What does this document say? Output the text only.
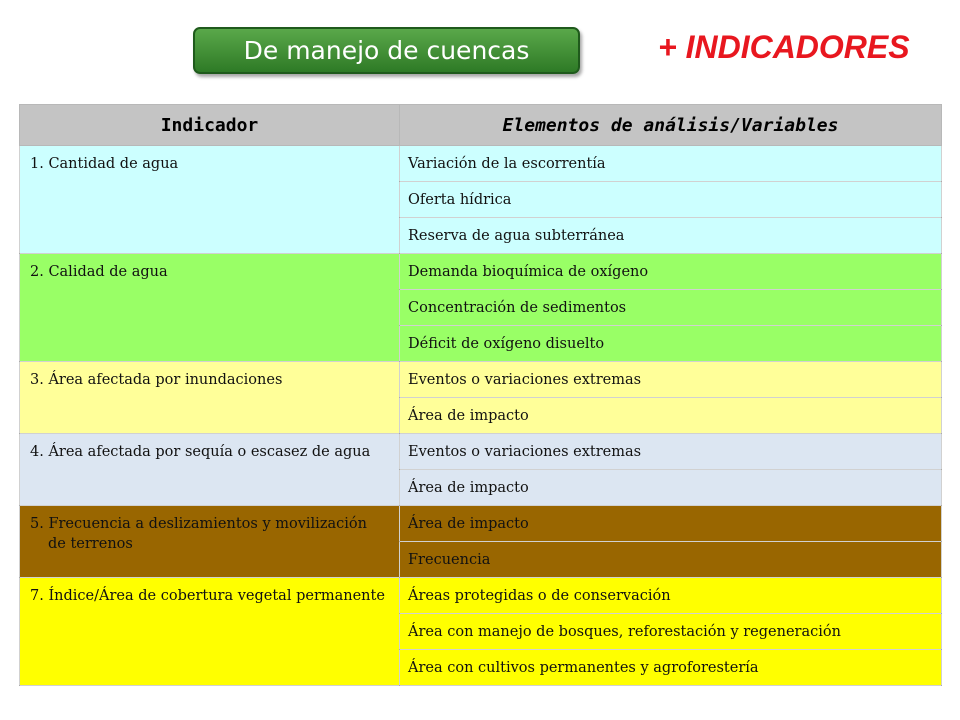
De manejo de cuencas	+ INDICADORES
Indicador	Elementos de análisis/Variables

1. Cantidad de agua	Variación de la escorrentía
	Oferta hídrica
	Reserva de agua subterránea

2. Calidad de agua	Demanda bioquímica de oxígeno
	Concentración de sedimentos
	Déficit de oxígeno disuelto

3. Área afectada por inundaciones	Eventos o variaciones extremas
	Área de impacto

4. Área afectada por sequía o escasez de agua	Eventos o variaciones extremas
	Área de impacto

5. Frecuencia a deslizamientos y movilización de terrenos	Área de impacto
	Frecuencia

7. Índice/Área de cobertura vegetal permanente	Áreas protegidas o de conservación
	Área con manejo de bosques, reforestación y regeneración
	Área con cultivos permanentes y agroforestería
